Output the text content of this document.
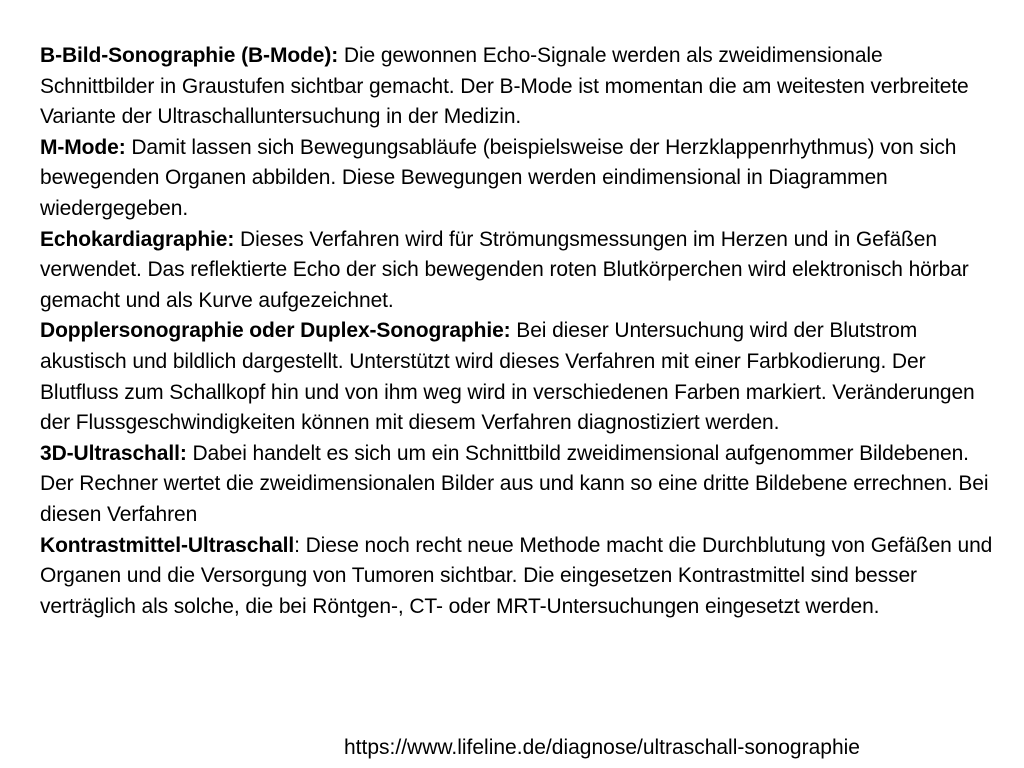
B-Bild-Sonographie (B-Mode): Die gewonnen Echo-Signale werden als zweidimensionale Schnittbilder in Graustufen sichtbar gemacht. Der B-Mode ist momentan die am weitesten verbreitete Variante der Ultraschalluntersuchung in der Medizin.

M-Mode: Damit lassen sich Bewegungsabläufe (beispielsweise der Herzklappenrhythmus) von sich bewegenden Organen abbilden. Diese Bewegungen werden eindimensional in Diagrammen wiedergegeben.

Echokardiagraphie: Dieses Verfahren wird für Strömungsmessungen im Herzen und in Gefäßen verwendet. Das reflektierte Echo der sich bewegenden roten Blutkörperchen wird elektronisch hörbar gemacht und als Kurve aufgezeichnet.

Dopplersonographie oder Duplex-Sonographie: Bei dieser Untersuchung wird der Blutstrom akustisch und bildlich dargestellt. Unterstützt wird dieses Verfahren mit einer Farbkodierung. Der Blutfluss zum Schallkopf hin und von ihm weg wird in verschiedenen Farben markiert. Veränderungen der Flussgeschwindigkeiten können mit diesem Verfahren diagnostiziert werden.

3D-Ultraschall: Dabei handelt es sich um ein Schnittbild zweidimensional aufgenommer Bildebenen. Der Rechner wertet die zweidimensionalen Bilder aus und kann so eine dritte Bildebene errechnen. Bei diesen Verfahren

Kontrastmittel-Ultraschall: Diese noch recht neue Methode macht die Durchblutung von Gefäßen und Organen und die Versorgung von Tumoren sichtbar. Die eingesetzen Kontrastmittel sind besser verträglich als solche, die bei Röntgen-, CT- oder MRT-Untersuchungen eingesetzt werden.

https://www.lifeline.de/diagnose/ultraschall-sonographie
